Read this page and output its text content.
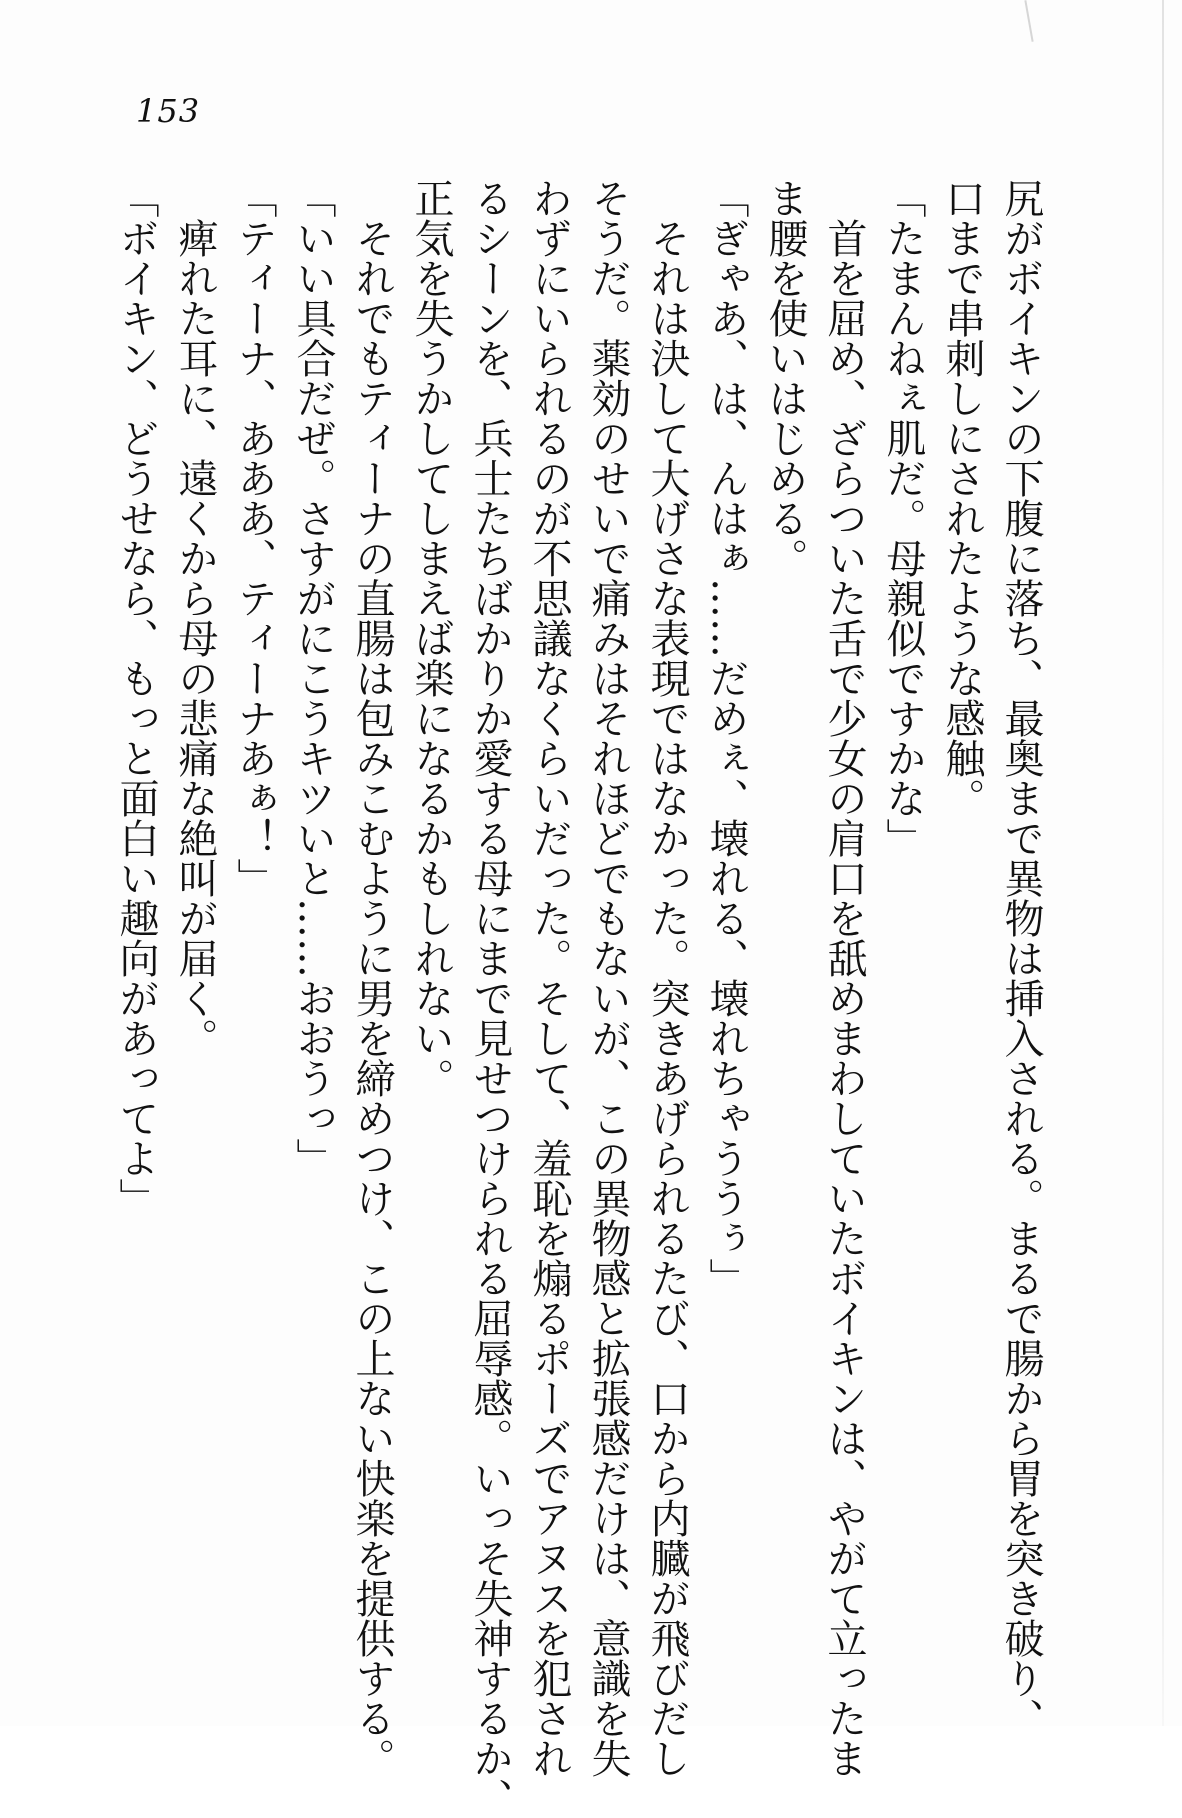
153

尻がボイキンの下腹に落ち、最奥まで異物は挿入される。まるで腸から胃を突き破り、

口まで串刺しにされたような感触。

「たまんねぇ肌だ。母親似ですかな」

　首を屈め、ざらついた舌で少女の肩口を舐めまわしていたボイキンは、やがて立ったま

ま腰を使いはじめる。

「ぎゃあ、は、んはぁ……だめぇ、壊れる、壊れちゃううぅ」

　それは決して大げさな表現ではなかった。突きあげられるたび、口から内臓が飛びだし

そうだ。薬効のせいで痛みはそれほどでもないが、この異物感と拡張感だけは、意識を失

わずにいられるのが不思議なくらいだった。そして、羞恥を煽るポーズでアヌスを犯され

るシーンを、兵士たちばかりか愛する母にまで見せつけられる屈辱感。いっそ失神するか、

正気を失うかしてしまえば楽になるかもしれない。

　それでもティーナの直腸は包みこむように男を締めつけ、この上ない快楽を提供する。

「いい具合だぜ。さすがにこうキツいと……おおうっ」

「ティーナ、あああ、ティーナあぁ！」

　痺れた耳に、遠くから母の悲痛な絶叫が届く。

「ボイキン、どうせなら、もっと面白い趣向があってよ」
